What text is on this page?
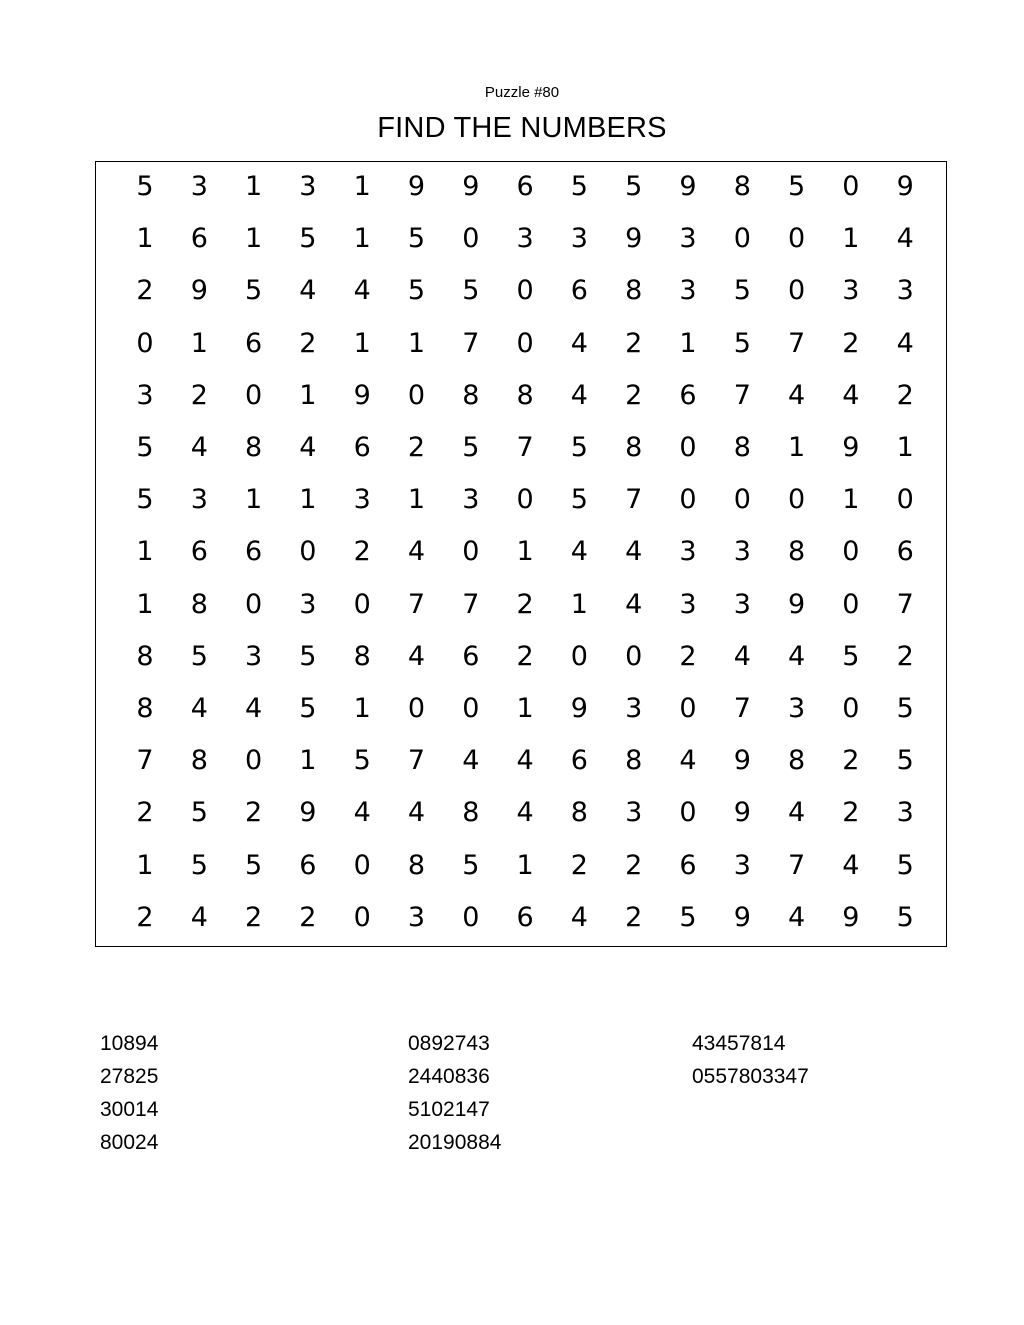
Puzzle #80
FIND THE NUMBERS
5	3	1	3	1	9	9	6	5	5	9	8	5	0	9
1	6	1	5	1	5	0	3	3	9	3	0	0	1	4
2	9	5	4	4	5	5	0	6	8	3	5	0	3	3
0	1	6	2	1	1	7	0	4	2	1	5	7	2	4
3	2	0	1	9	0	8	8	4	2	6	7	4	4	2
5	4	8	4	6	2	5	7	5	8	0	8	1	9	1
5	3	1	1	3	1	3	0	5	7	0	0	0	1	0
1	6	6	0	2	4	0	1	4	4	3	3	8	0	6
1	8	0	3	0	7	7	2	1	4	3	3	9	0	7
8	5	3	5	8	4	6	2	0	0	2	4	4	5	2
8	4	4	5	1	0	0	1	9	3	0	7	3	0	5
7	8	0	1	5	7	4	4	6	8	4	9	8	2	5
2	5	2	9	4	4	8	4	8	3	0	9	4	2	3
1	5	5	6	0	8	5	1	2	2	6	3	7	4	5
2	4	2	2	0	3	0	6	4	2	5	9	4	9	5
10894
27825
30014
80024
0892743
2440836
5102147
20190884
43457814
0557803347
